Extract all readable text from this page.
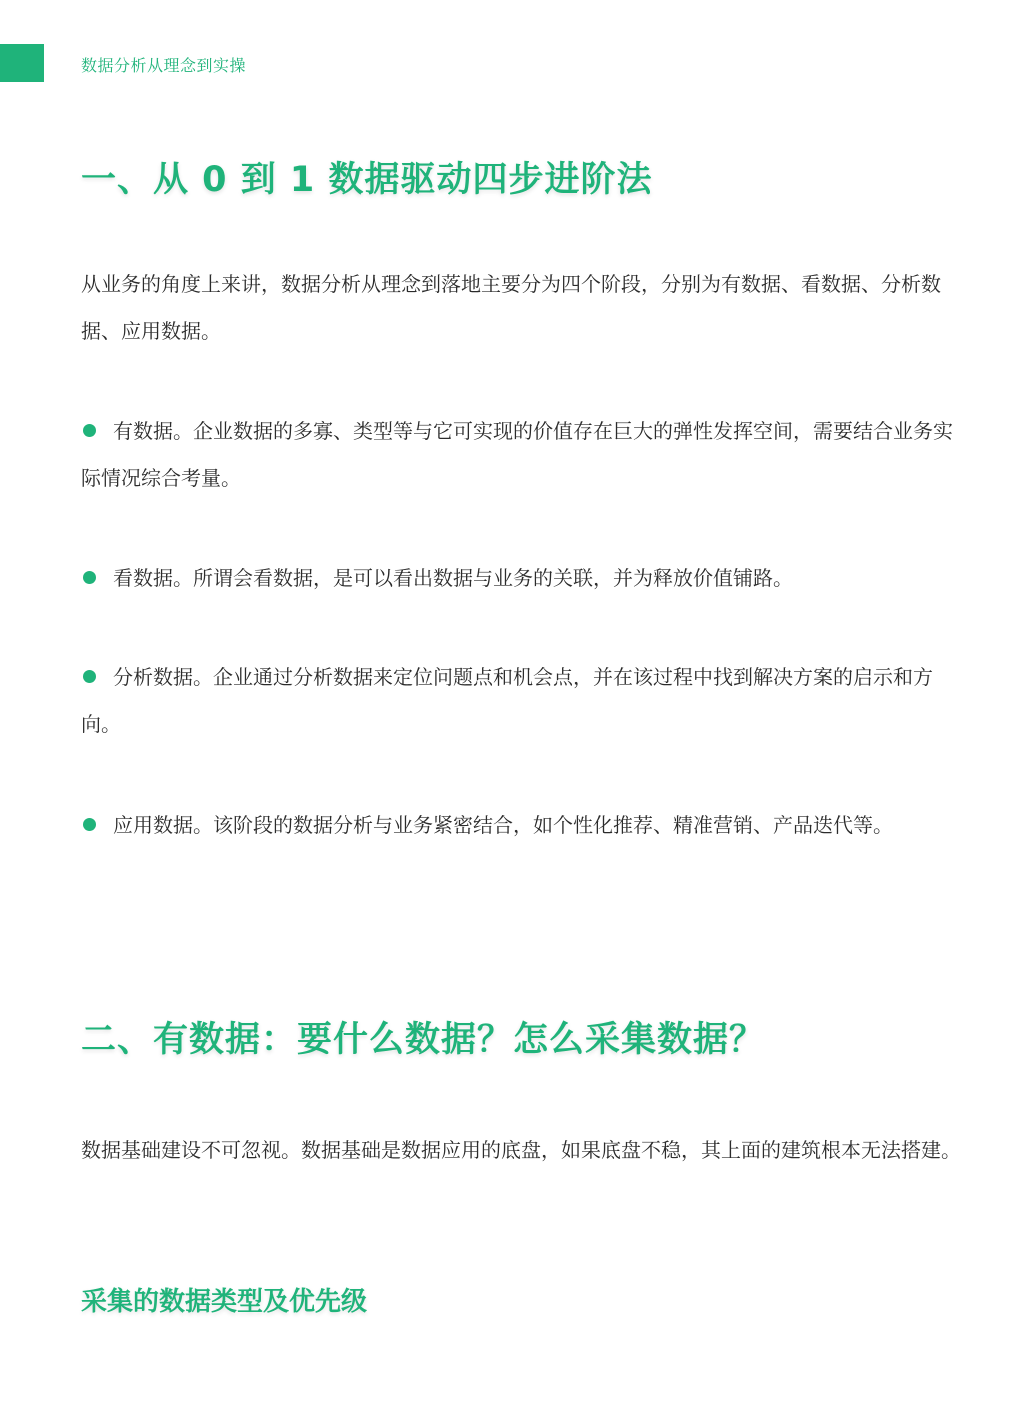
数据分析从理念到实操
一、从 0 到 1 数据驱动四步进阶法

从业务的角度上来讲，数据分析从理念到落地主要分为四个阶段，分别为有数据、看数据、分析数据、应用数据。

有数据。企业数据的多寡、类型等与它可实现的价值存在巨大的弹性发挥空间，需要结合业务实际情况综合考量。

看数据。所谓会看数据，是可以看出数据与业务的关联，并为释放价值铺路。

分析数据。企业通过分析数据来定位问题点和机会点，并在该过程中找到解决方案的启示和方向。

应用数据。该阶段的数据分析与业务紧密结合，如个性化推荐、精准营销、产品迭代等。

二、有数据：要什么数据？怎么采集数据？

数据基础建设不可忽视。数据基础是数据应用的底盘，如果底盘不稳，其上面的建筑根本无法搭建。

采集的数据类型及优先级
